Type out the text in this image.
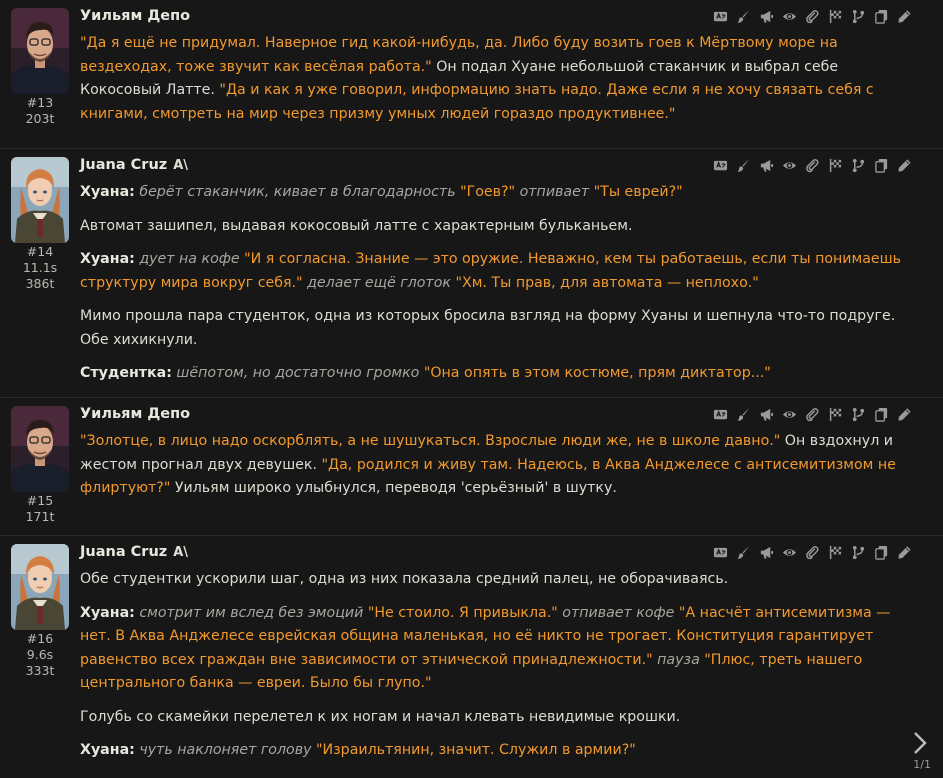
#13
203t
Уильям Депо

"Да я ещё не придумал. Наверное гид какой-нибудь, да. Либо буду возить гоев к Мёртвому море на вездеходах, тоже звучит как весёлая работа." Он подал Хуане небольшой стаканчик и выбрал себе Кокосовый Латте. "Да и как я уже говорил, информацию знать надо. Даже если я не хочу связать себя с книгами, смотреть на мир через призму умных людей гораздо продуктивнее."

#14
11.1s
386t
Juana Cruz A\

Хуана: берёт стаканчик, кивает в благодарность "Гоев?" отпивает "Ты еврей?"

Автомат зашипел, выдавая кокосовый латте с характерным бульканьем.

Хуана: дует на кофе "И я согласна. Знание — это оружие. Неважно, кем ты работаешь, если ты понимаешь структуру мира вокруг себя." делает ещё глоток "Хм. Ты прав, для автомата — неплохо."

Мимо прошла пара студенток, одна из которых бросила взгляд на форму Хуаны и шепнула что-то подруге. Обе хихикнули.

Студентка: шёпотом, но достаточно громко "Она опять в этом костюме, прям диктатор..."

#15
171t
Уильям Депо

"Золотце, в лицо надо оскорблять, а не шушукаться. Взрослые люди же, не в школе давно." Он вздохнул и жестом прогнал двух девушек. "Да, родился и живу там. Надеюсь, в Аква Анджелесе с антисемитизмом не флиртуют?" Уильям широко улыбнулся, переводя 'серьёзный' в шутку.

#16
9.6s
333t
Juana Cruz A\

Обе студентки ускорили шаг, одна из них показала средний палец, не оборачиваясь.

Хуана: смотрит им вслед без эмоций "Не стоило. Я привыкла." отпивает кофе "А насчёт антисемитизма — нет. В Аква Анджелесе еврейская община маленькая, но её никто не трогает. Конституция гарантирует равенство всех граждан вне зависимости от этнической принадлежности." пауза "Плюс, треть нашего центрального банка — евреи. Было бы глупо."

Голубь со скамейки перелетел к их ногам и начал клевать невидимые крошки.

Хуана: чуть наклоняет голову "Израильтянин, значит. Служил в армии?"

1/1
